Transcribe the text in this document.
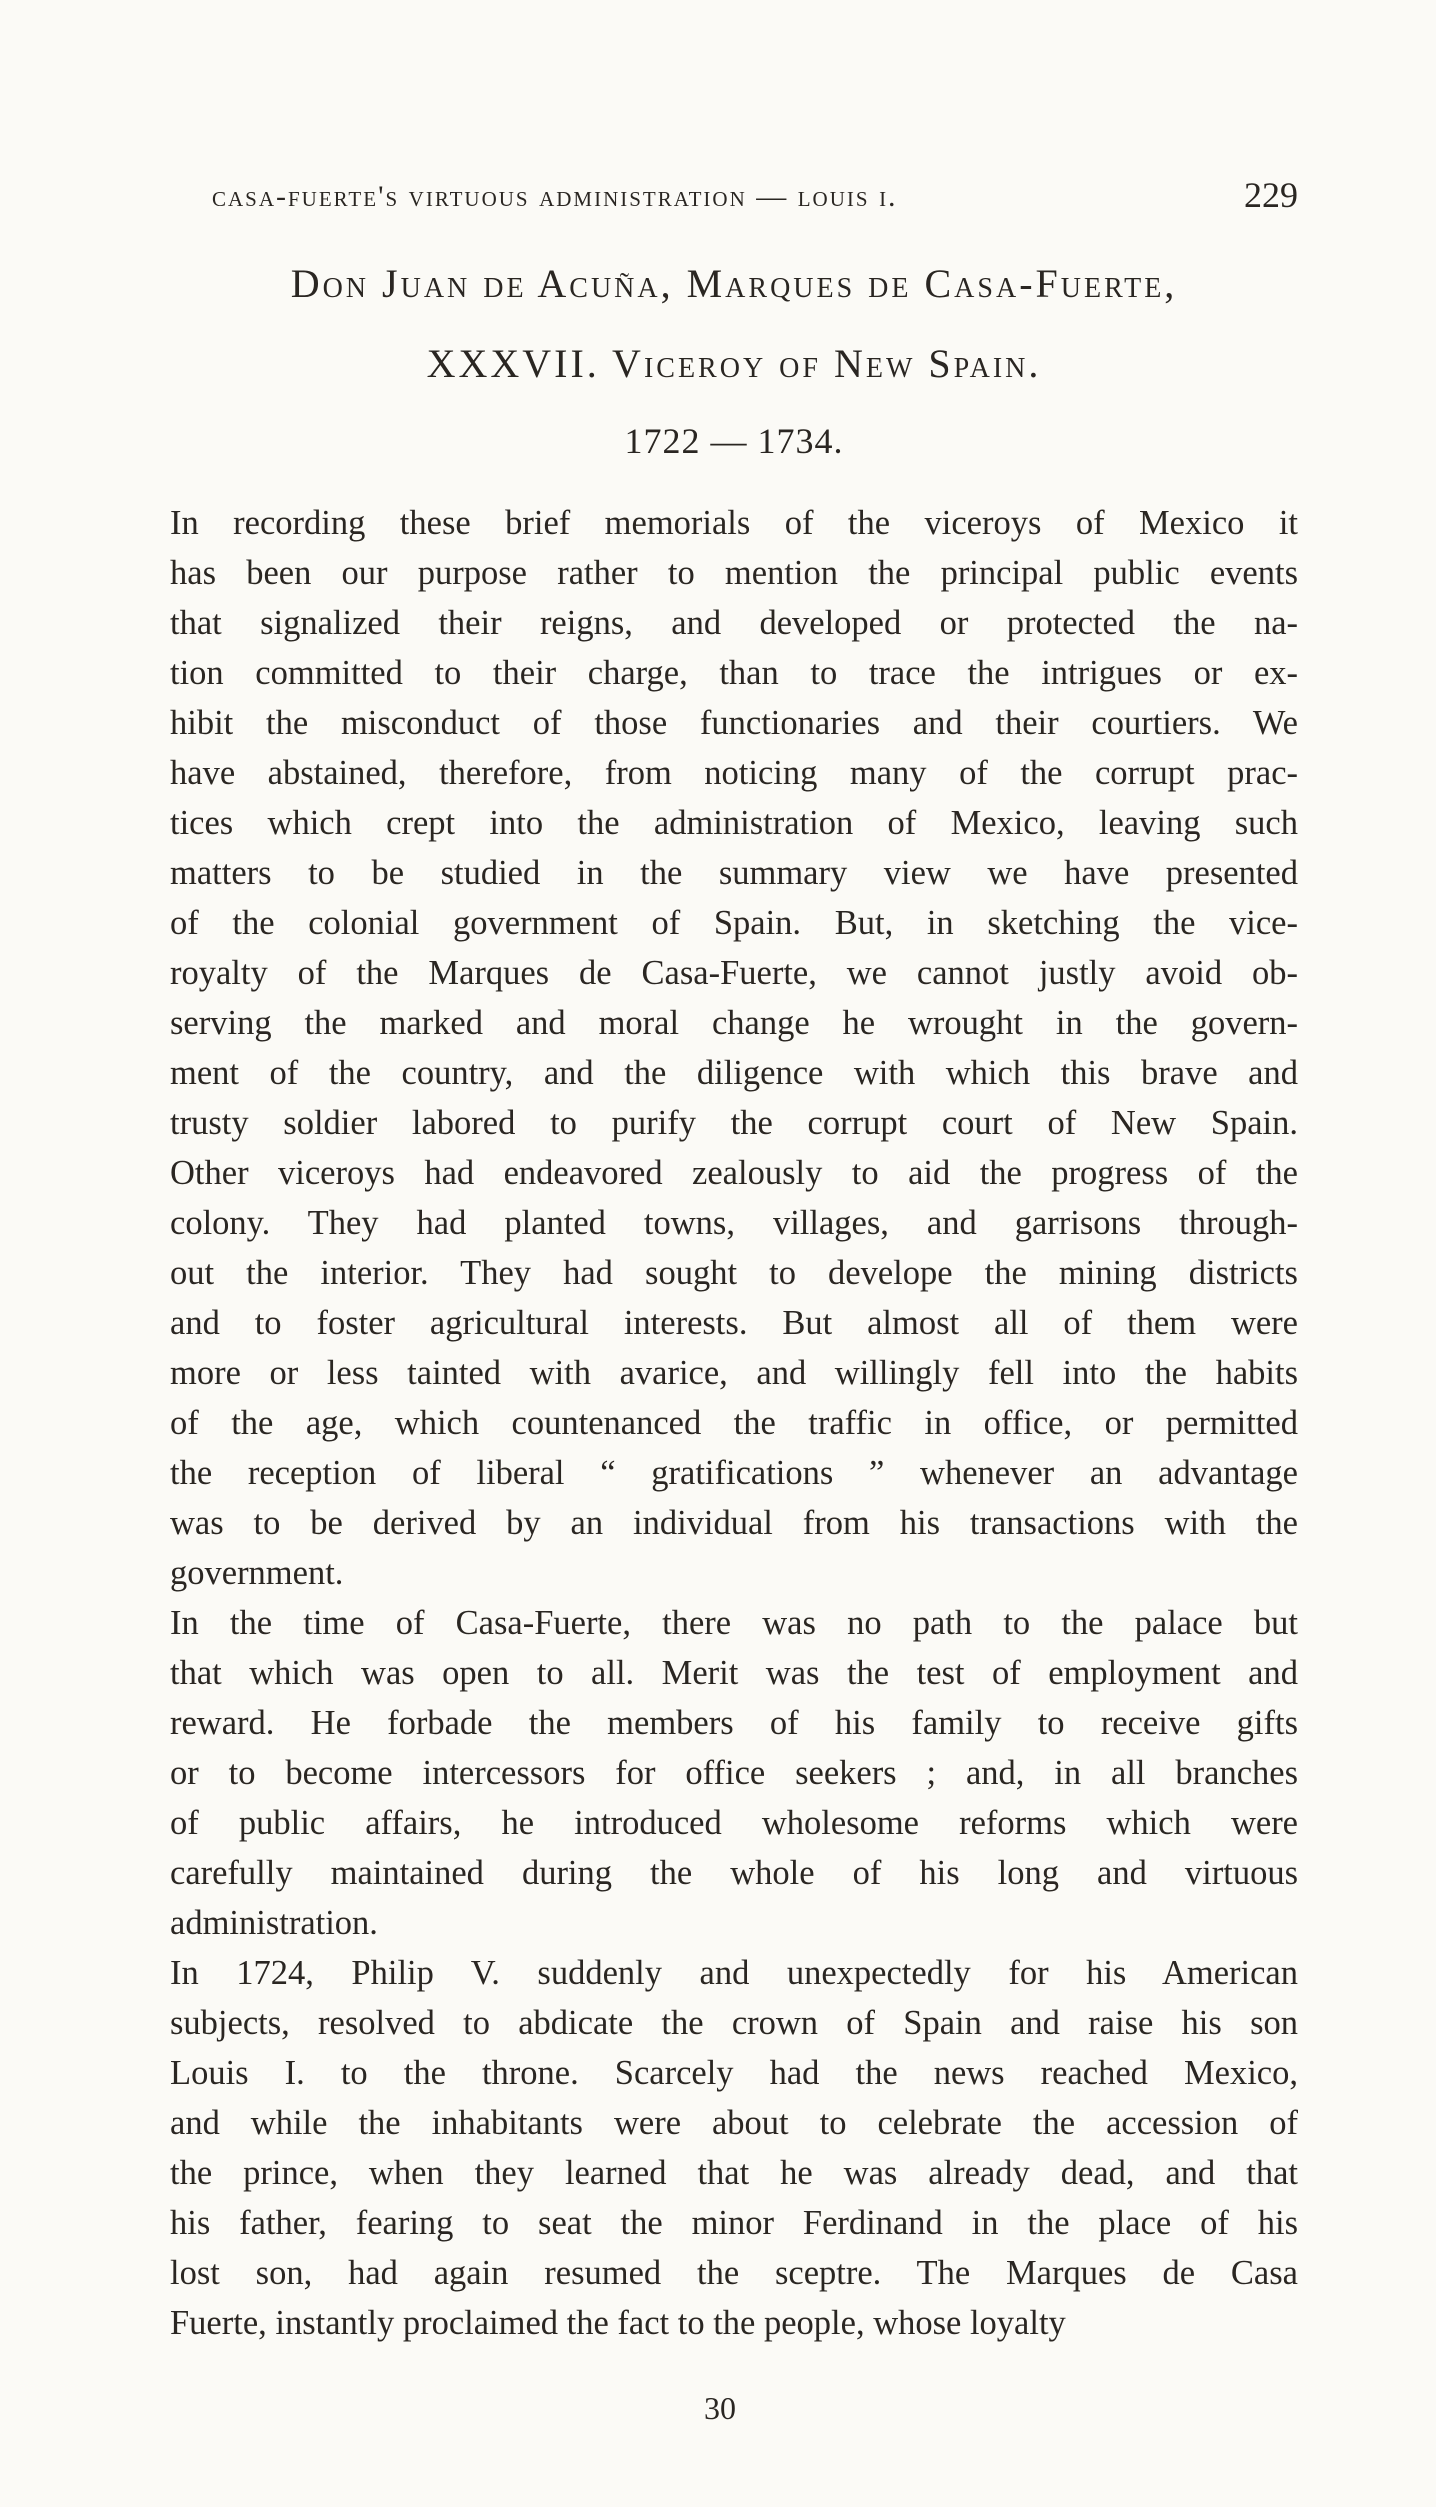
casa-fuerte's virtuous administration — louis i.	229
Don Juan de Acuña, Marques de Casa-Fuerte,
XXXVII. Viceroy of New Spain.
1722 — 1734.
In recording these brief memorials of the viceroys of Mexico it
has been our purpose rather to mention the principal public events
that signalized their reigns, and developed or protected the na-
tion committed to their charge, than to trace the intrigues or ex-
hibit the misconduct of those functionaries and their courtiers. We
have abstained, therefore, from noticing many of the corrupt prac-
tices which crept into the administration of Mexico, leaving such
matters to be studied in the summary view we have presented
of the colonial government of Spain. But, in sketching the vice-
royalty of the Marques de Casa-Fuerte, we cannot justly avoid ob-
serving the marked and moral change he wrought in the govern-
ment of the country, and the diligence with which this brave and
trusty soldier labored to purify the corrupt court of New Spain.
Other viceroys had endeavored zealously to aid the progress of the
colony. They had planted towns, villages, and garrisons through-
out the interior. They had sought to develope the mining districts
and to foster agricultural interests. But almost all of them were
more or less tainted with avarice, and willingly fell into the habits
of the age, which countenanced the traffic in office, or permitted
the reception of liberal “ gratifications ” whenever an advantage
was to be derived by an individual from his transactions with the
government.
In the time of Casa-Fuerte, there was no path to the palace but
that which was open to all. Merit was the test of employment and
reward. He forbade the members of his family to receive gifts
or to become intercessors for office seekers ; and, in all branches
of public affairs, he introduced wholesome reforms which were
carefully maintained during the whole of his long and virtuous
administration.
In 1724, Philip V. suddenly and unexpectedly for his American
subjects, resolved to abdicate the crown of Spain and raise his son
Louis I. to the throne. Scarcely had the news reached Mexico,
and while the inhabitants were about to celebrate the accession of
the prince, when they learned that he was already dead, and that
his father, fearing to seat the minor Ferdinand in the place of his
lost son, had again resumed the sceptre. The Marques de Casa
Fuerte, instantly proclaimed the fact to the people, whose loyalty
30
